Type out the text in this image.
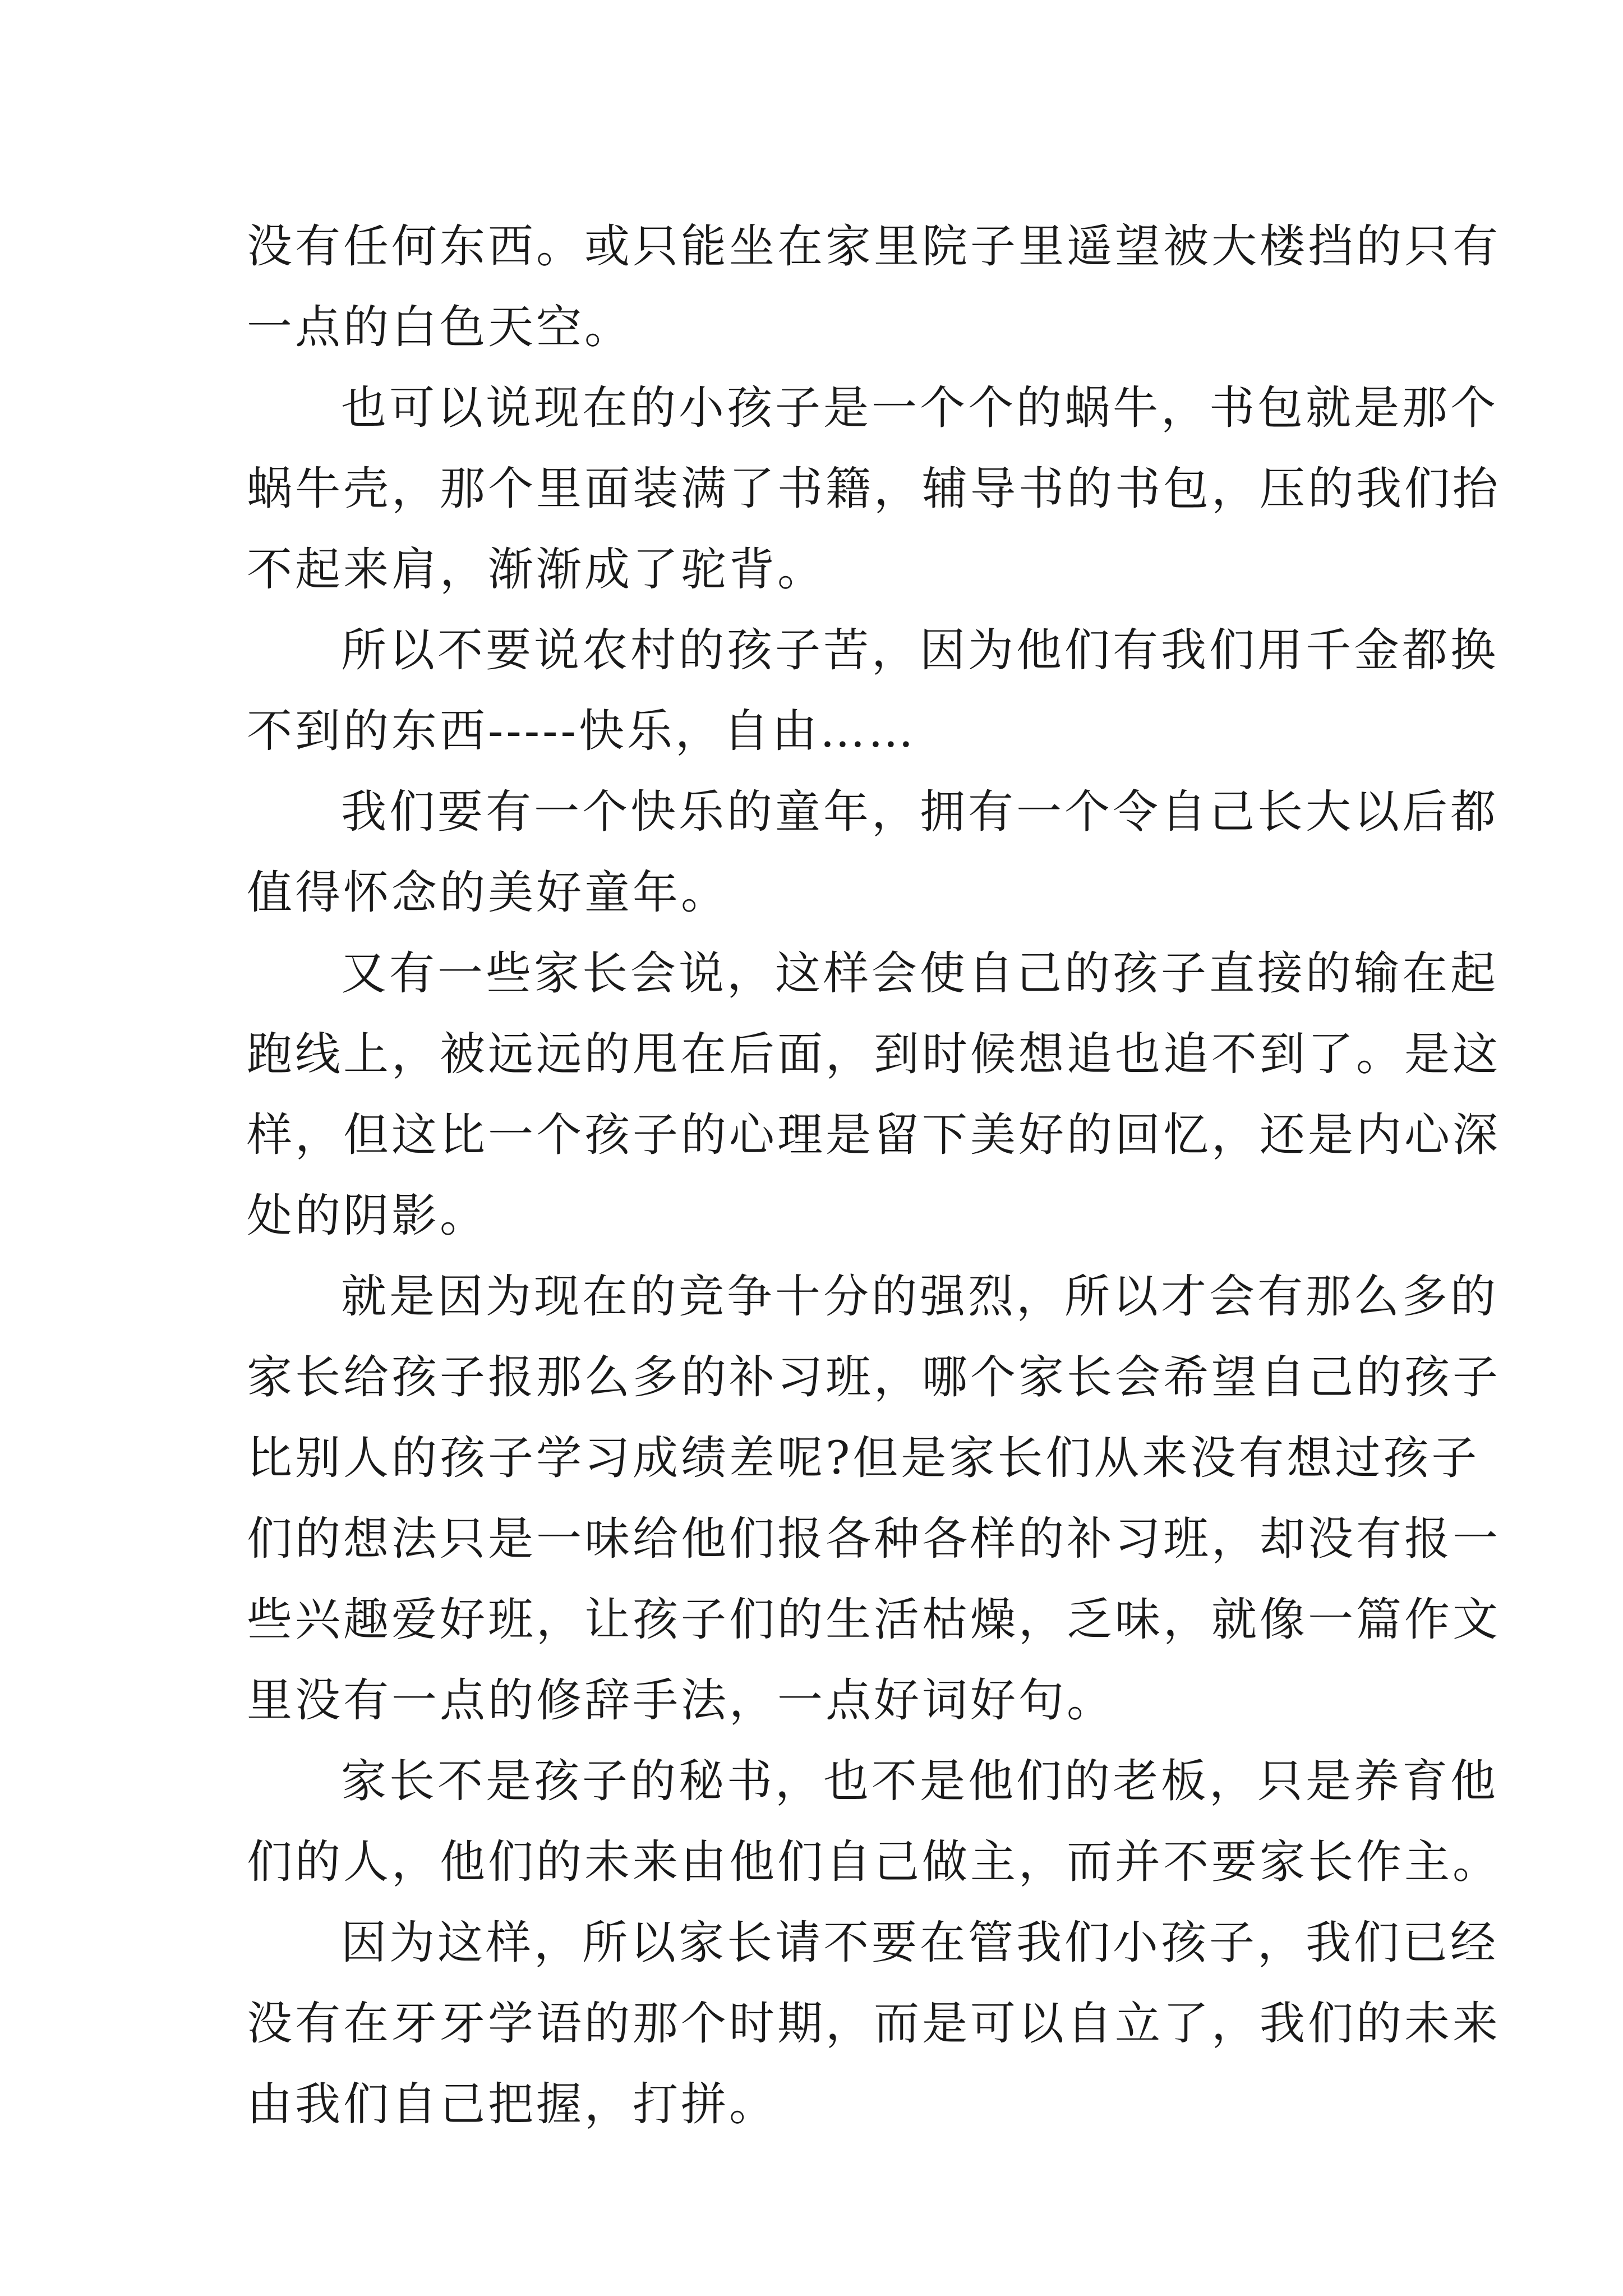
没有任何东西。或只能坐在家里院子里遥望被大楼挡的只有

一点的白色天空。

也可以说现在的小孩子是一个个的蜗牛，书包就是那个

蜗牛壳，那个里面装满了书籍，辅导书的书包，压的我们抬

不起来肩，渐渐成了驼背。

所以不要说农村的孩子苦，因为他们有我们用千金都换

不到的东西-----快乐，自由……

我们要有一个快乐的童年，拥有一个令自己长大以后都

值得怀念的美好童年。

又有一些家长会说，这样会使自己的孩子直接的输在起

跑线上，被远远的甩在后面，到时候想追也追不到了。是这

样，但这比一个孩子的心理是留下美好的回忆，还是内心深

处的阴影。

就是因为现在的竞争十分的强烈，所以才会有那么多的

家长给孩子报那么多的补习班，哪个家长会希望自己的孩子

比别人的孩子学习成绩差呢?但是家长们从来没有想过孩子

们的想法只是一味给他们报各种各样的补习班，却没有报一

些兴趣爱好班，让孩子们的生活枯燥，乏味，就像一篇作文

里没有一点的修辞手法，一点好词好句。

家长不是孩子的秘书，也不是他们的老板，只是养育他

们的人，他们的未来由他们自己做主，而并不要家长作主。

因为这样，所以家长请不要在管我们小孩子，我们已经

没有在牙牙学语的那个时期，而是可以自立了，我们的未来

由我们自己把握，打拼。
